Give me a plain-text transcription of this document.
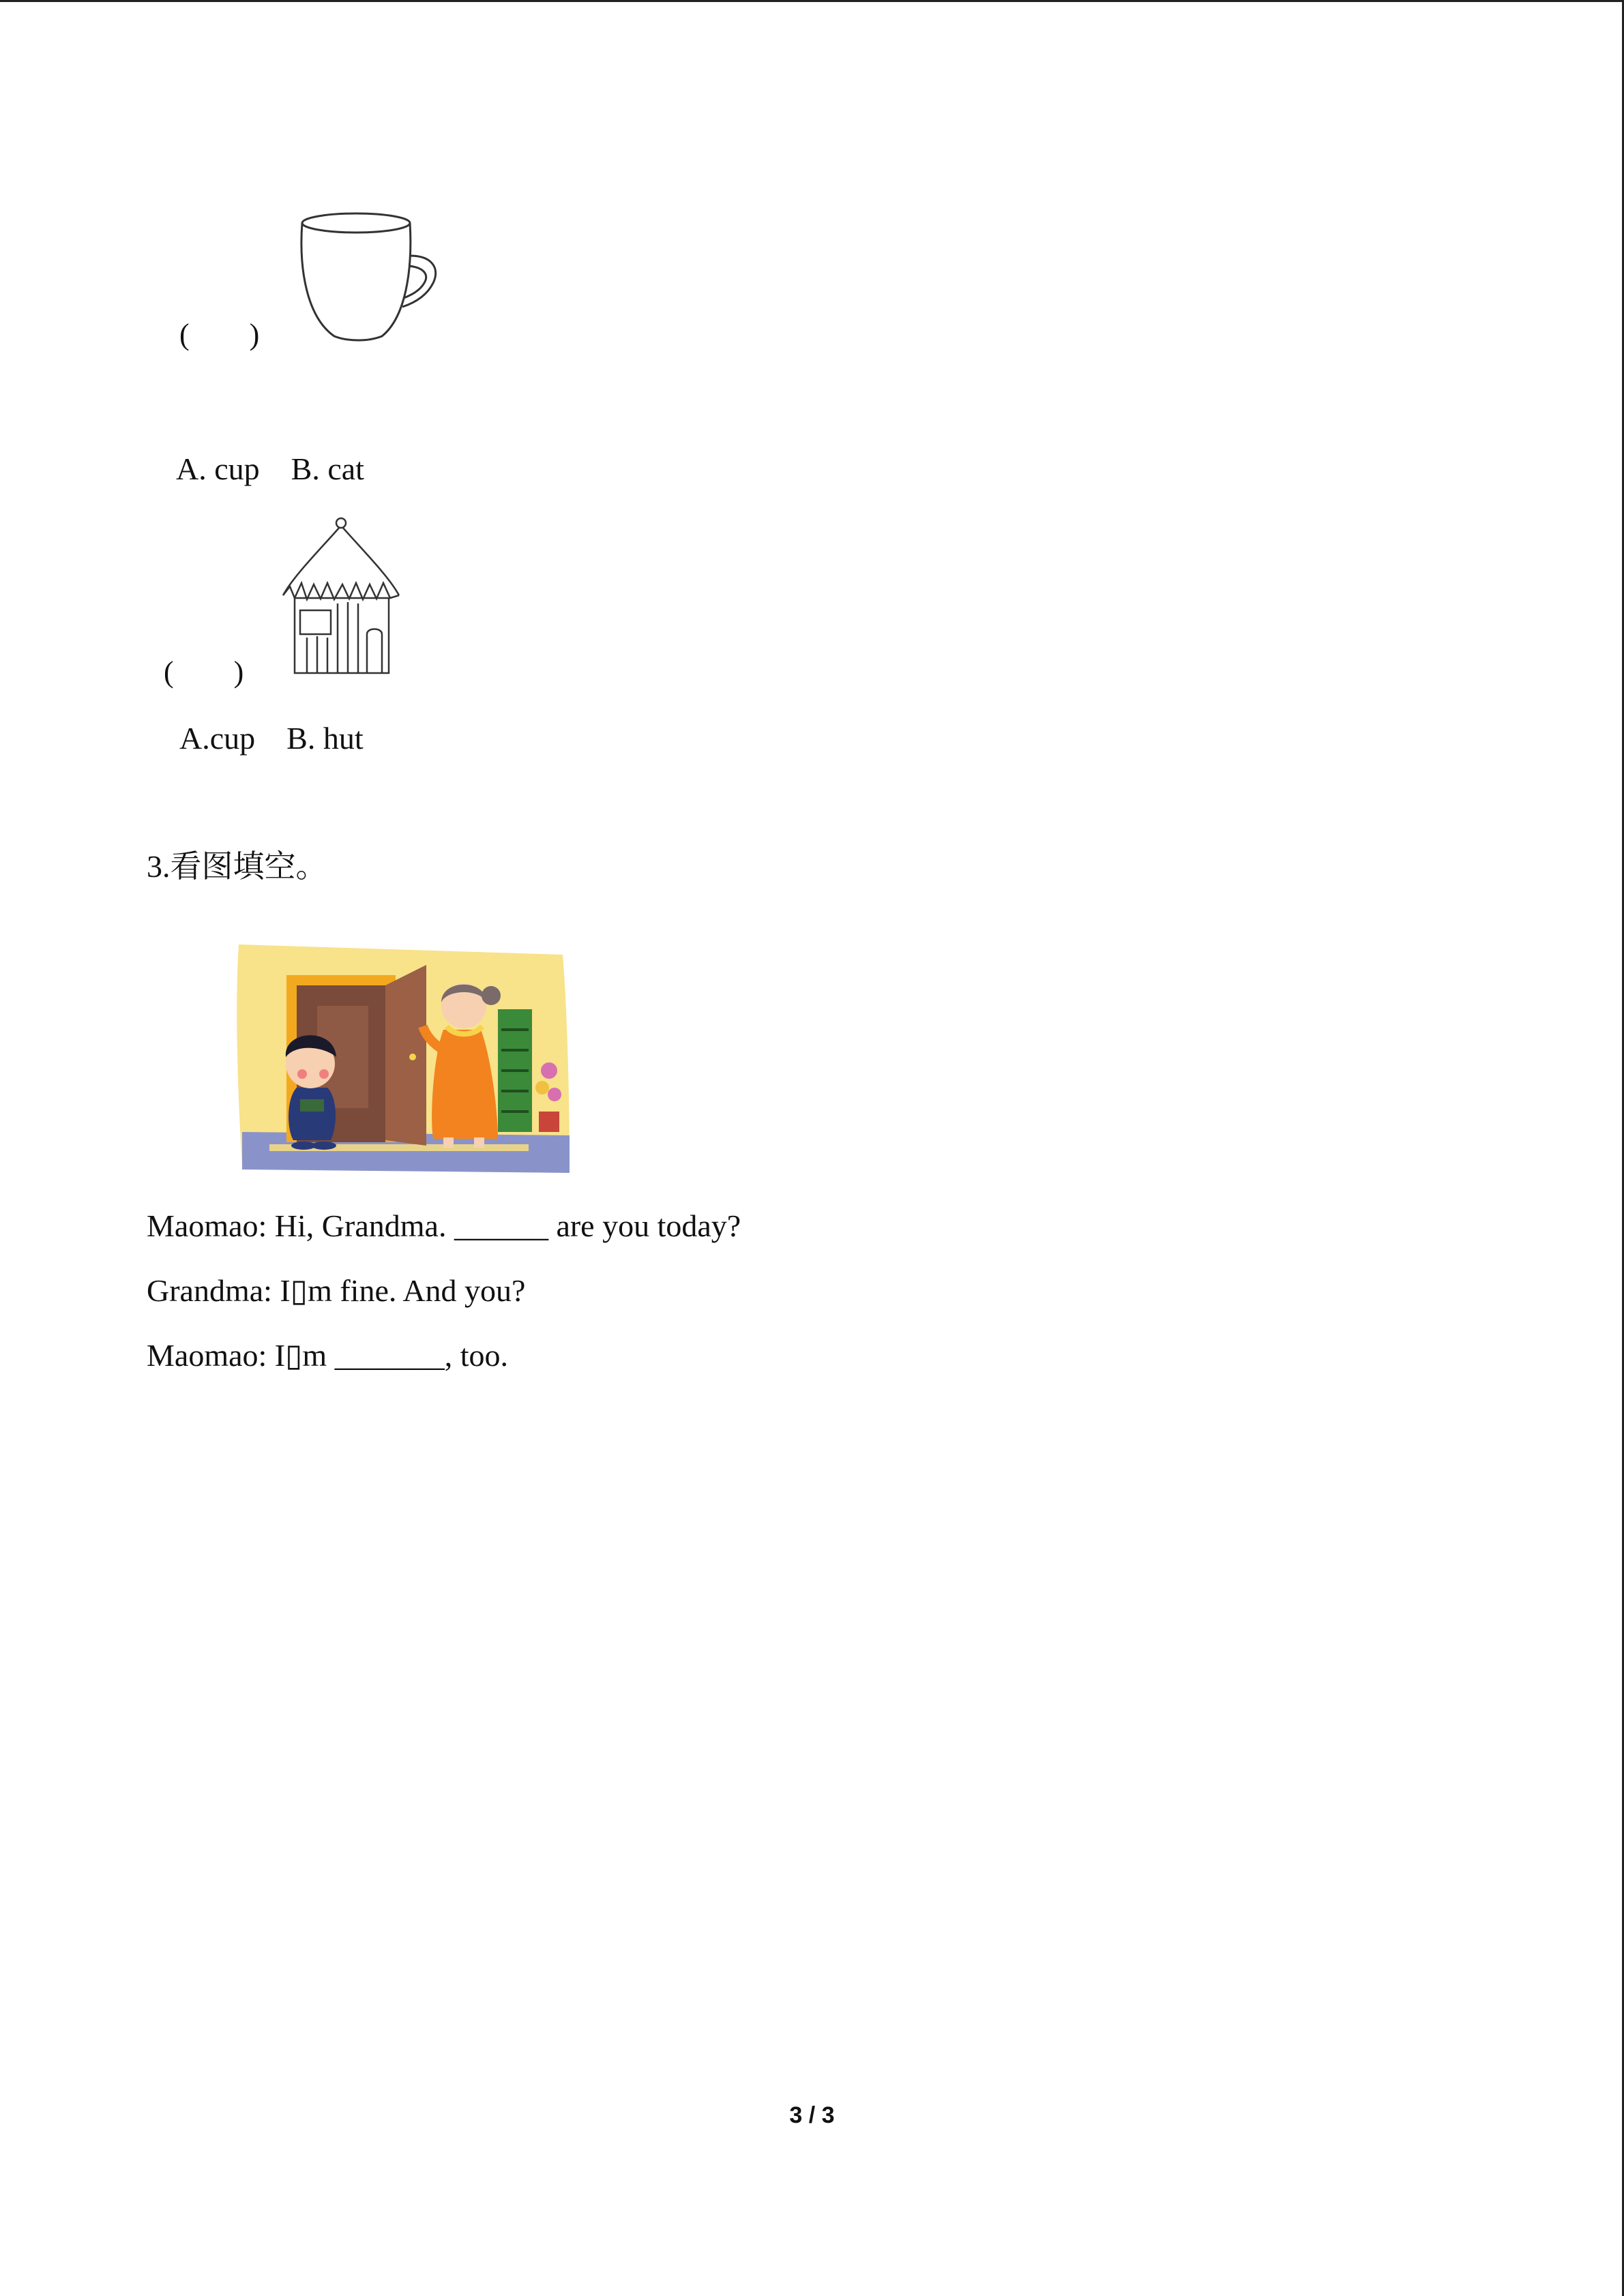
(        )
A. cup    B. cat
(        )
A.cup    B. hut
3.看图填空。
Maomao: Hi, Grandma. ______ are you today?
Grandma: I▯m fine. And you?
Maomao: I▯m _______, too.
3 / 3
